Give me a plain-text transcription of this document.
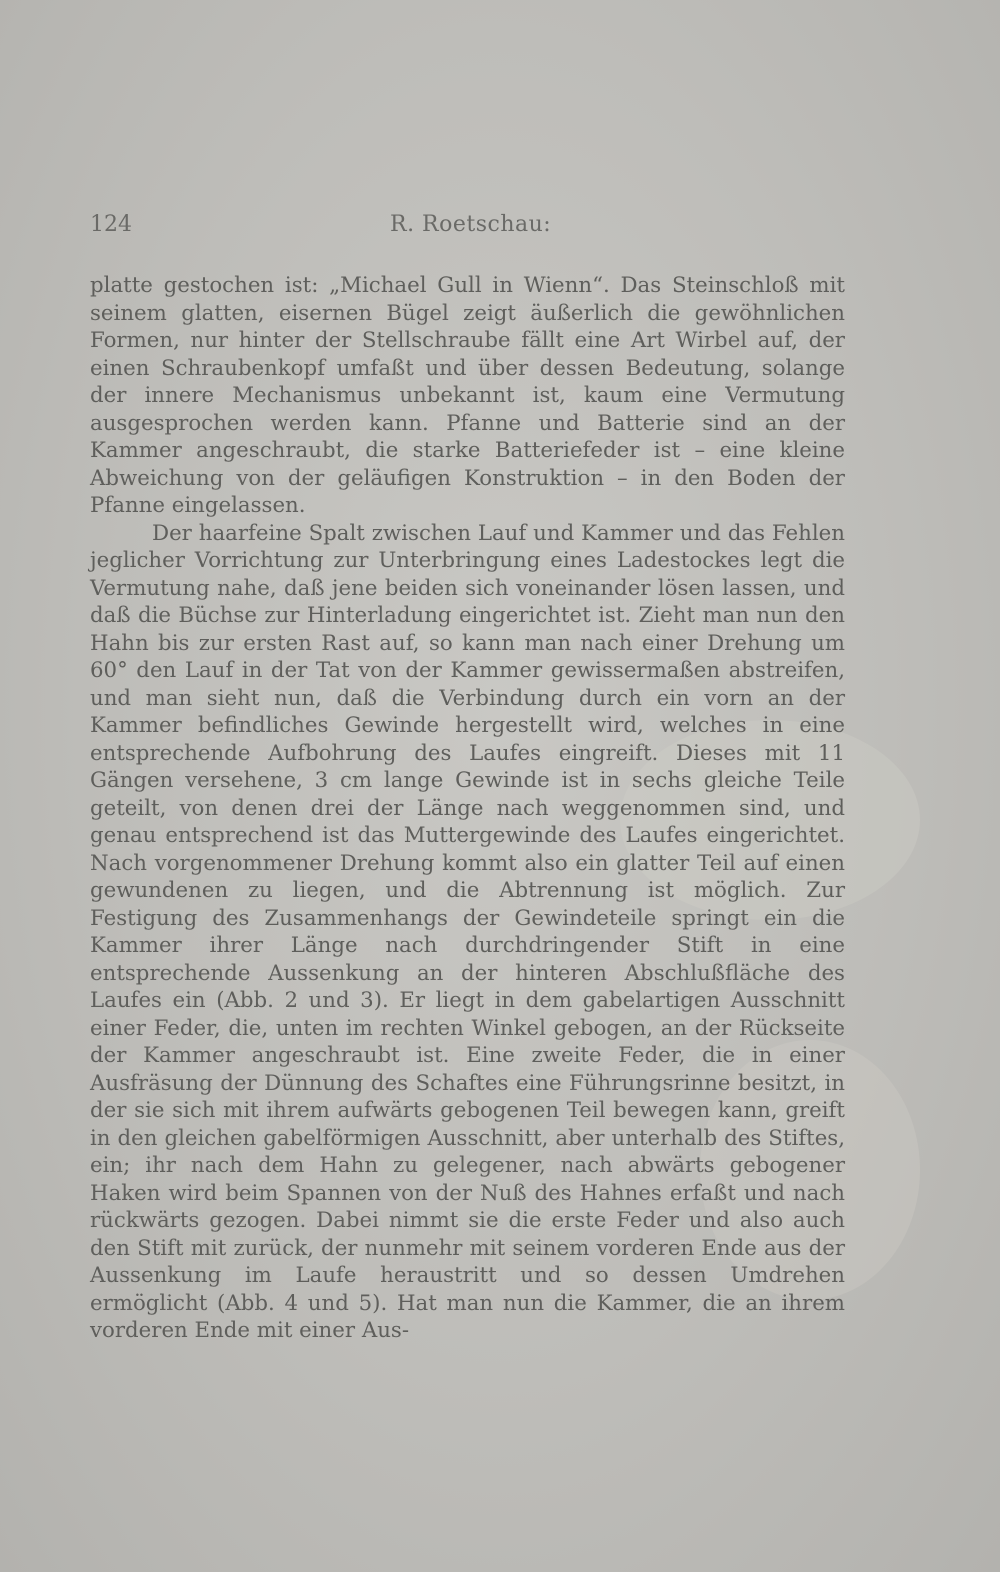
124	R. Roetschau:

platte gestochen ist: „Michael Gull in Wienn“. Das Steinschloß mit seinem glatten, eisernen Bügel zeigt äußerlich die gewöhnlichen Formen, nur hinter der Stellschraube fällt eine Art Wirbel auf, der einen Schraubenkopf umfaßt und über dessen Bedeutung, solange der innere Mechanismus unbekannt ist, kaum eine Vermutung ausgesprochen werden kann. Pfanne und Batterie sind an der Kammer angeschraubt, die starke Batteriefeder ist – eine kleine Abweichung von der geläufigen Konstruktion – in den Boden der Pfanne eingelassen.

Der haarfeine Spalt zwischen Lauf und Kammer und das Fehlen jeglicher Vorrichtung zur Unterbringung eines Ladestockes legt die Vermutung nahe, daß jene beiden sich voneinander lösen lassen, und daß die Büchse zur Hinterladung eingerichtet ist. Zieht man nun den Hahn bis zur ersten Rast auf, so kann man nach einer Drehung um 60° den Lauf in der Tat von der Kammer gewissermaßen abstreifen, und man sieht nun, daß die Verbindung durch ein vorn an der Kammer befindliches Gewinde hergestellt wird, welches in eine entsprechende Aufbohrung des Laufes eingreift. Dieses mit 11 Gängen versehene, 3 cm lange Gewinde ist in sechs gleiche Teile geteilt, von denen drei der Länge nach weggenommen sind, und genau entsprechend ist das Muttergewinde des Laufes eingerichtet. Nach vorgenommener Drehung kommt also ein glatter Teil auf einen gewundenen zu liegen, und die Abtrennung ist möglich. Zur Festigung des Zusammenhangs der Gewindeteile springt ein die Kammer ihrer Länge nach durchdringender Stift in eine entsprechende Aussenkung an der hinteren Abschlußfläche des Laufes ein (Abb. 2 und 3). Er liegt in dem gabelartigen Ausschnitt einer Feder, die, unten im rechten Winkel gebogen, an der Rückseite der Kammer angeschraubt ist. Eine zweite Feder, die in einer Ausfräsung der Dünnung des Schaftes eine Führungsrinne besitzt, in der sie sich mit ihrem aufwärts gebogenen Teil bewegen kann, greift in den gleichen gabelförmigen Ausschnitt, aber unterhalb des Stiftes, ein; ihr nach dem Hahn zu gelegener, nach abwärts gebogener Haken wird beim Spannen von der Nuß des Hahnes erfaßt und nach rückwärts gezogen. Dabei nimmt sie die erste Feder und also auch den Stift mit zurück, der nunmehr mit seinem vorderen Ende aus der Aussenkung im Laufe heraustritt und so dessen Umdrehen ermöglicht (Abb. 4 und 5). Hat man nun die Kammer, die an ihrem vorderen Ende mit einer Aus-
